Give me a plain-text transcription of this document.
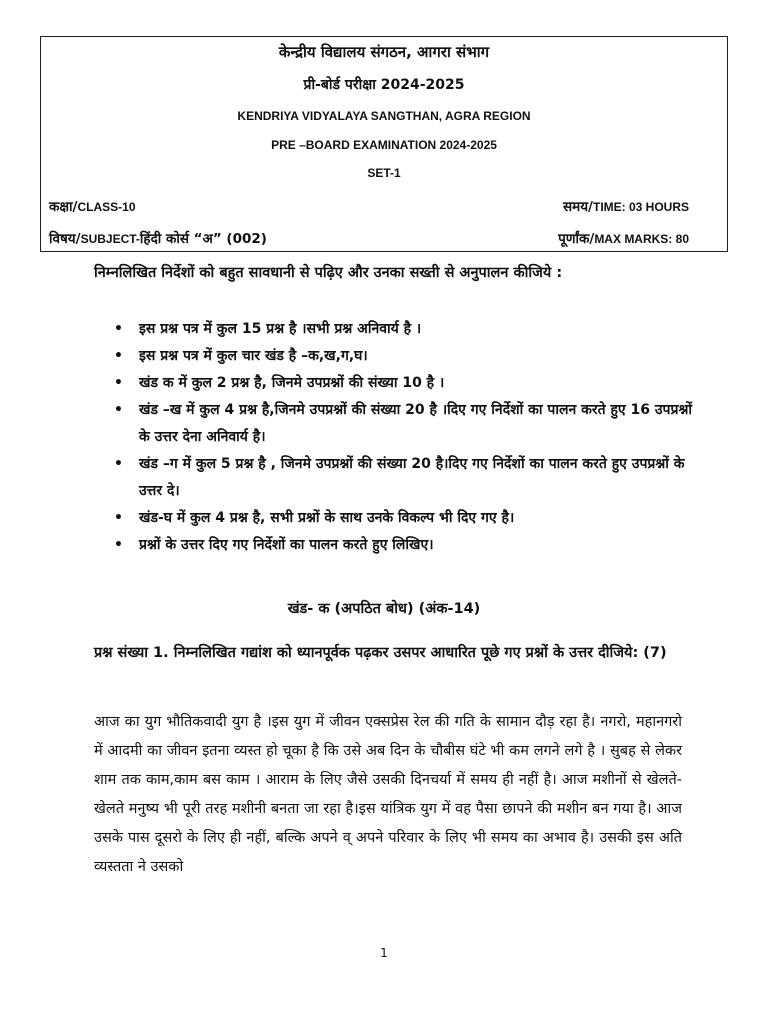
केन्द्रीय विद्यालय संगठन, आगरा संभाग
प्री-बोर्ड परीक्षा 2024-2025
KENDRIYA VIDYALAYA SANGTHAN, AGRA REGION
PRE –BOARD EXAMINATION 2024-2025
SET-1
कक्षा/CLASS-10	समय/TIME: 03 HOURS
विषय/SUBJECT-हिंदी कोर्स “अ” (002)	पूर्णांक/MAX MARKS: 80
निम्नलिखित निर्देशों को बहुत सावधानी से पढ़िए और उनका सख्ती से अनुपालन कीजिये :
• इस प्रश्न पत्र में कुल 15 प्रश्न है ।सभी प्रश्न अनिवार्य है ।
• इस प्रश्न पत्र में कुल चार खंड है –क,ख,ग,घ।
• खंड क में कुल 2 प्रश्न है, जिनमे उपप्रश्नों की संख्या 10 है ।
• खंड –ख में कुल 4 प्रश्न है,जिनमे उपप्रश्नों की संख्या 20 है ।दिए गए निर्देशों का पालन करते हुए 16 उपप्रश्नों के उत्तर देना अनिवार्य है।
• खंड –ग में कुल 5 प्रश्न है , जिनमे उपप्रश्नों की संख्या 20 है।दिए गए निर्देशों का पालन करते हुए उपप्रश्नों के उत्तर दे।
• खंड-घ में कुल 4 प्रश्न है, सभी प्रश्नों के साथ उनके विकल्प भी दिए गए है।
• प्रश्नों के उत्तर दिए गए निर्देशों का पालन करते हुए लिखिए।
खंड- क (अपठित बोध) (अंक-14)
प्रश्न संख्या 1. निम्नलिखित गद्यांश को ध्यानपूर्वक पढ़कर उसपर आधारित पूछे गए प्रश्नों के उत्तर दीजिये: (7)
आज का युग भौतिकवादी युग है ।इस युग में जीवन एक्सप्रेस रेल की गति के सामान दौड़ रहा है। नगरो, महानगरो में आदमी का जीवन इतना व्यस्त हो चूका है कि उसे अब दिन के चौबीस घंटे भी कम लगने लगे है । सुबह से लेकर शाम तक काम,काम बस काम । आराम के लिए जैसे उसकी दिनचर्या में समय ही नहीं है। आज मशीनों से खेलते-खेलते मनुष्य भी पूरी तरह मशीनी बनता जा रहा है।इस यांत्रिक युग में वह पैसा छापने की मशीन बन गया है। आज उसके पास दूसरो के लिए ही नहीं, बल्कि अपने व् अपने परिवार के लिए भी समय का अभाव है। उसकी इस अति व्यस्तता ने उसको
1
